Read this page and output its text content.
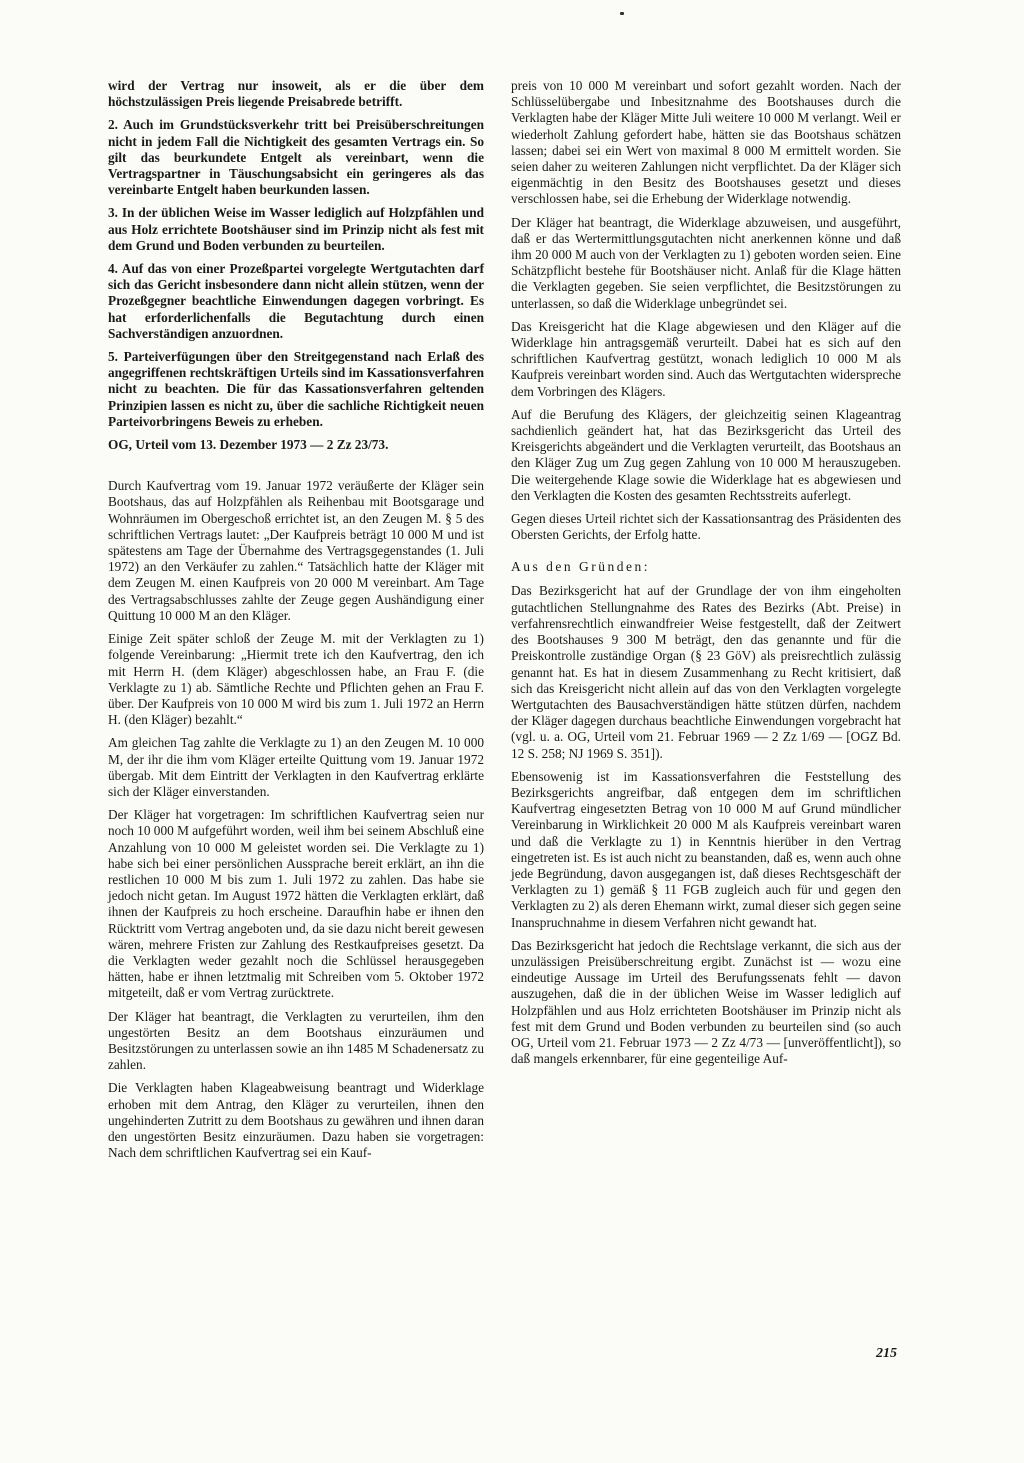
wird der Vertrag nur insoweit, als er die über dem höchstzulässigen Preis liegende Preisabrede betrifft.

2. Auch im Grundstücksverkehr tritt bei Preisüberschreitungen nicht in jedem Fall die Nichtigkeit des gesamten Vertrags ein. So gilt das beurkundete Entgelt als vereinbart, wenn die Vertragspartner in Täuschungsabsicht ein geringeres als das vereinbarte Entgelt haben beurkunden lassen.

3. In der üblichen Weise im Wasser lediglich auf Holzpfählen und aus Holz errichtete Bootshäuser sind im Prinzip nicht als fest mit dem Grund und Boden verbunden zu beurteilen.

4. Auf das von einer Prozeßpartei vorgelegte Wertgutachten darf sich das Gericht insbesondere dann nicht allein stützen, wenn der Prozeßgegner beachtliche Einwendungen dagegen vorbringt. Es hat erforderlichenfalls die Begutachtung durch einen Sachverständigen anzuordnen.

5. Parteiverfügungen über den Streitgegenstand nach Erlaß des angegriffenen rechtskräftigen Urteils sind im Kassationsverfahren nicht zu beachten. Die für das Kassationsverfahren geltenden Prinzipien lassen es nicht zu, über die sachliche Richtigkeit neuen Parteivorbringens Beweis zu erheben.

OG, Urteil vom 13. Dezember 1973 — 2 Zz 23/73.

Durch Kaufvertrag vom 19. Januar 1972 veräußerte der Kläger sein Bootshaus, das auf Holzpfählen als Reihenbau mit Bootsgarage und Wohnräumen im Obergeschoß errichtet ist, an den Zeugen M. § 5 des schriftlichen Vertrags lautet: „Der Kaufpreis beträgt 10 000 M und ist spätestens am Tage der Übernahme des Vertragsgegenstandes (1. Juli 1972) an den Verkäufer zu zahlen.“ Tatsächlich hatte der Kläger mit dem Zeugen M. einen Kaufpreis von 20 000 M vereinbart. Am Tage des Vertragsabschlusses zahlte der Zeuge gegen Aushändigung einer Quittung 10 000 M an den Kläger.

Einige Zeit später schloß der Zeuge M. mit der Verklagten zu 1) folgende Vereinbarung: „Hiermit trete ich den Kaufvertrag, den ich mit Herrn H. (dem Kläger) abgeschlossen habe, an Frau F. (die Verklagte zu 1) ab. Sämtliche Rechte und Pflichten gehen an Frau F. über. Der Kaufpreis von 10 000 M wird bis zum 1. Juli 1972 an Herrn H. (den Kläger) bezahlt.“

Am gleichen Tag zahlte die Verklagte zu 1) an den Zeugen M. 10 000 M, der ihr die ihm vom Kläger erteilte Quittung vom 19. Januar 1972 übergab. Mit dem Eintritt der Verklagten in den Kaufvertrag erklärte sich der Kläger einverstanden.

Der Kläger hat vorgetragen: Im schriftlichen Kaufvertrag seien nur noch 10 000 M aufgeführt worden, weil ihm bei seinem Abschluß eine Anzahlung von 10 000 M geleistet worden sei. Die Verklagte zu 1) habe sich bei einer persönlichen Aussprache bereit erklärt, an ihn die restlichen 10 000 M bis zum 1. Juli 1972 zu zahlen. Das habe sie jedoch nicht getan. Im August 1972 hätten die Verklagten erklärt, daß ihnen der Kaufpreis zu hoch erscheine. Daraufhin habe er ihnen den Rücktritt vom Vertrag angeboten und, da sie dazu nicht bereit gewesen wären, mehrere Fristen zur Zahlung des Restkaufpreises gesetzt. Da die Verklagten weder gezahlt noch die Schlüssel herausgegeben hätten, habe er ihnen letztmalig mit Schreiben vom 5. Oktober 1972 mitgeteilt, daß er vom Vertrag zurücktrete.

Der Kläger hat beantragt, die Verklagten zu verurteilen, ihm den ungestörten Besitz an dem Bootshaus einzuräumen und Besitzstörungen zu unterlassen sowie an ihn 1485 M Schadenersatz zu zahlen.

Die Verklagten haben Klageabweisung beantragt und Widerklage erhoben mit dem Antrag, den Kläger zu verurteilen, ihnen den ungehinderten Zutritt zu dem Bootshaus zu gewähren und ihnen daran den ungestörten Besitz einzuräumen. Dazu haben sie vorgetragen: Nach dem schriftlichen Kaufvertrag sei ein Kauf-

preis von 10 000 M vereinbart und sofort gezahlt worden. Nach der Schlüsselübergabe und Inbesitznahme des Bootshauses durch die Verklagten habe der Kläger Mitte Juli weitere 10 000 M verlangt. Weil er wiederholt Zahlung gefordert habe, hätten sie das Bootshaus schätzen lassen; dabei sei ein Wert von maximal 8 000 M ermittelt worden. Sie seien daher zu weiteren Zahlungen nicht verpflichtet. Da der Kläger sich eigenmächtig in den Besitz des Bootshauses gesetzt und dieses verschlossen habe, sei die Erhebung der Widerklage notwendig.

Der Kläger hat beantragt, die Widerklage abzuweisen, und ausgeführt, daß er das Wertermittlungsgutachten nicht anerkennen könne und daß ihm 20 000 M auch von der Verklagten zu 1) geboten worden seien. Eine Schätzpflicht bestehe für Bootshäuser nicht. Anlaß für die Klage hätten die Verklagten gegeben. Sie seien verpflichtet, die Besitzstörungen zu unterlassen, so daß die Widerklage unbegründet sei.

Das Kreisgericht hat die Klage abgewiesen und den Kläger auf die Widerklage hin antragsgemäß verurteilt. Dabei hat es sich auf den schriftlichen Kaufvertrag gestützt, wonach lediglich 10 000 M als Kaufpreis vereinbart worden sind. Auch das Wertgutachten widerspreche dem Vorbringen des Klägers.

Auf die Berufung des Klägers, der gleichzeitig seinen Klageantrag sachdienlich geändert hat, hat das Bezirksgericht das Urteil des Kreisgerichts abgeändert und die Verklagten verurteilt, das Bootshaus an den Kläger Zug um Zug gegen Zahlung von 10 000 M herauszugeben. Die weitergehende Klage sowie die Widerklage hat es abgewiesen und den Verklagten die Kosten des gesamten Rechtsstreits auferlegt.

Gegen dieses Urteil richtet sich der Kassationsantrag des Präsidenten des Obersten Gerichts, der Erfolg hatte.

Aus den Gründen:

Das Bezirksgericht hat auf der Grundlage der von ihm eingeholten gutachtlichen Stellungnahme des Rates des Bezirks (Abt. Preise) in verfahrensrechtlich einwandfreier Weise festgestellt, daß der Zeitwert des Bootshauses 9 300 M beträgt, den das genannte und für die Preiskontrolle zuständige Organ (§ 23 GöV) als preisrechtlich zulässig genannt hat. Es hat in diesem Zusammenhang zu Recht kritisiert, daß sich das Kreisgericht nicht allein auf das von den Verklagten vorgelegte Wertgutachten des Bausachverständigen hätte stützen dürfen, nachdem der Kläger dagegen durchaus beachtliche Einwendungen vorgebracht hat (vgl. u. a. OG, Urteil vom 21. Februar 1969 — 2 Zz 1/69 — [OGZ Bd. 12 S. 258; NJ 1969 S. 351]).

Ebensowenig ist im Kassationsverfahren die Feststellung des Bezirksgerichts angreifbar, daß entgegen dem im schriftlichen Kaufvertrag eingesetzten Betrag von 10 000 M auf Grund mündlicher Vereinbarung in Wirklichkeit 20 000 M als Kaufpreis vereinbart waren und daß die Verklagte zu 1) in Kenntnis hierüber in den Vertrag eingetreten ist. Es ist auch nicht zu beanstanden, daß es, wenn auch ohne jede Begründung, davon ausgegangen ist, daß dieses Rechtsgeschäft der Verklagten zu 1) gemäß § 11 FGB zugleich auch für und gegen den Verklagten zu 2) als deren Ehemann wirkt, zumal dieser sich gegen seine Inanspruchnahme in diesem Verfahren nicht gewandt hat.

Das Bezirksgericht hat jedoch die Rechtslage verkannt, die sich aus der unzulässigen Preisüberschreitung ergibt. Zunächst ist — wozu eine eindeutige Aussage im Urteil des Berufungssenats fehlt — davon auszugehen, daß die in der üblichen Weise im Wasser lediglich auf Holzpfählen und aus Holz errichteten Bootshäuser im Prinzip nicht als fest mit dem Grund und Boden verbunden zu beurteilen sind (so auch OG, Urteil vom 21. Februar 1973 — 2 Zz 4/73 — [unveröffentlicht]), so daß mangels erkennbarer, für eine gegenteilige Auf-

215
